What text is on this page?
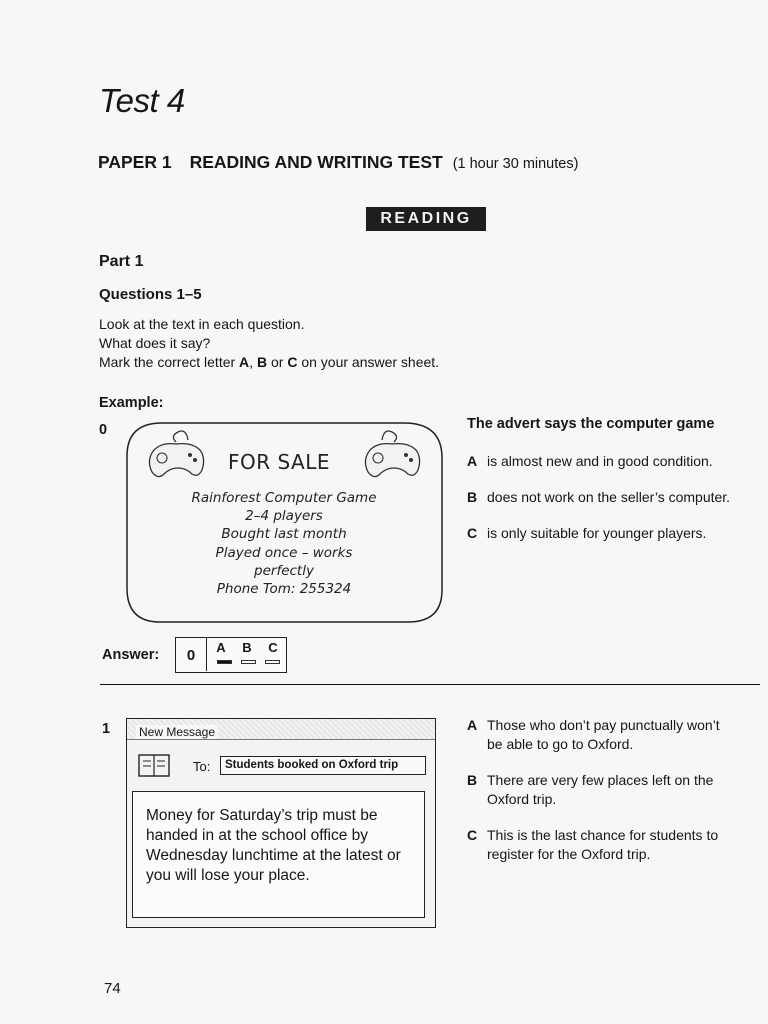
Test 4
PAPER 1 READING AND WRITING TEST (1 hour 30 minutes)
READING
Part 1
Questions 1–5
Look at the text in each question.
What does it say?
Mark the correct letter A, B or C on your answer sheet.
Example:
0
FOR SALE
Rainforest Computer Game
2–4 players
Bought last month
Played once – works
perfectly
Phone Tom: 255324
The advert says the computer game
A is almost new and in good condition.
B does not work on the seller’s computer.
C is only suitable for younger players.
Answer:	0	A B C
1 New Message
To:	Students booked on Oxford trip
Money for Saturday’s trip must be handed in at the school office by Wednesday lunchtime at the latest or you will lose your place.
A Those who don’t pay punctually won’t
be able to go to Oxford.
B There are very few places left on the
Oxford trip.
C This is the last chance for students to
register for the Oxford trip.
74
